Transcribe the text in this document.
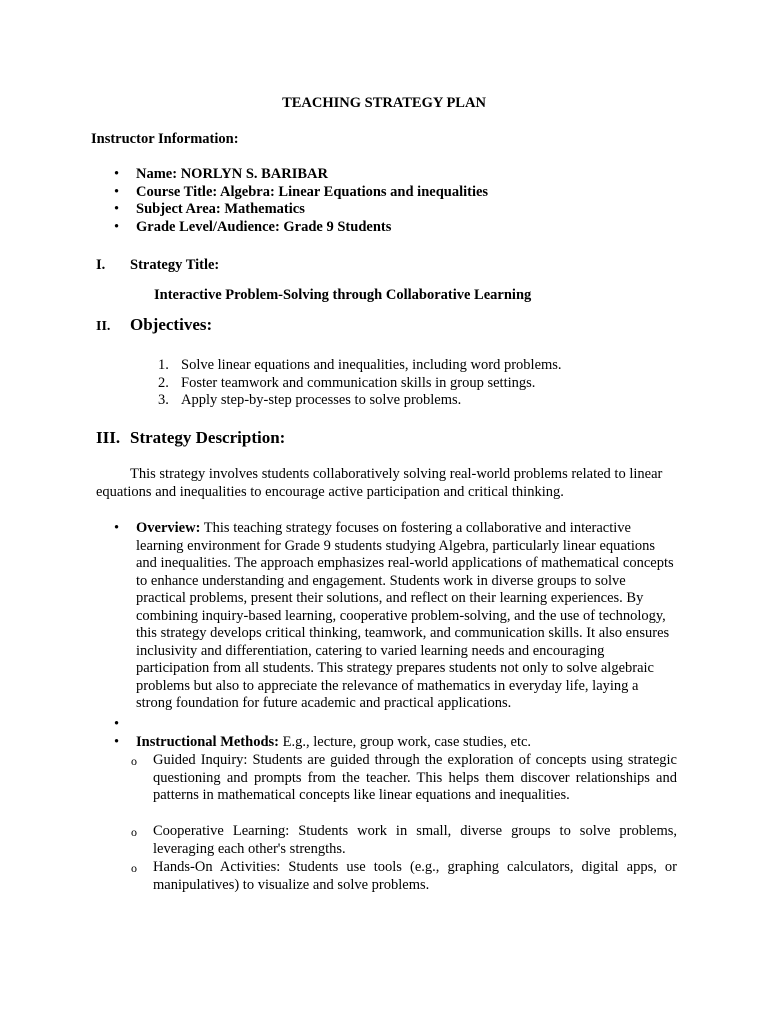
TEACHING STRATEGY PLAN
Instructor Information:
• Name: NORLYN S. BARIBAR
• Course Title: Algebra: Linear Equations and inequalities
• Subject Area: Mathematics
• Grade Level/Audience: Grade 9 Students
I. Strategy Title:
Interactive Problem-Solving through Collaborative Learning
II. Objectives:
1. Solve linear equations and inequalities, including word problems.
2. Foster teamwork and communication skills in group settings.
3. Apply step-by-step processes to solve problems.
III. Strategy Description:
This strategy involves students collaboratively solving real-world problems related to linear equations and inequalities to encourage active participation and critical thinking.
• Overview: This teaching strategy focuses on fostering a collaborative and interactive learning environment for Grade 9 students studying Algebra, particularly linear equations and inequalities. The approach emphasizes real-world applications of mathematical concepts to enhance understanding and engagement. Students work in diverse groups to solve practical problems, present their solutions, and reflect on their learning experiences. By combining inquiry-based learning, cooperative problem-solving, and the use of technology, this strategy develops critical thinking, teamwork, and communication skills. It also ensures inclusivity and differentiation, catering to varied learning needs and encouraging participation from all students. This strategy prepares students not only to solve algebraic problems but also to appreciate the relevance of mathematics in everyday life, laying a strong foundation for future academic and practical applications.
•
• Instructional Methods: E.g., lecture, group work, case studies, etc.
o Guided Inquiry: Students are guided through the exploration of concepts using strategic questioning and prompts from the teacher. This helps them discover relationships and patterns in mathematical concepts like linear equations and inequalities.
o Cooperative Learning: Students work in small, diverse groups to solve problems, leveraging each other's strengths.
o Hands-On Activities: Students use tools (e.g., graphing calculators, digital apps, or manipulatives) to visualize and solve problems.
